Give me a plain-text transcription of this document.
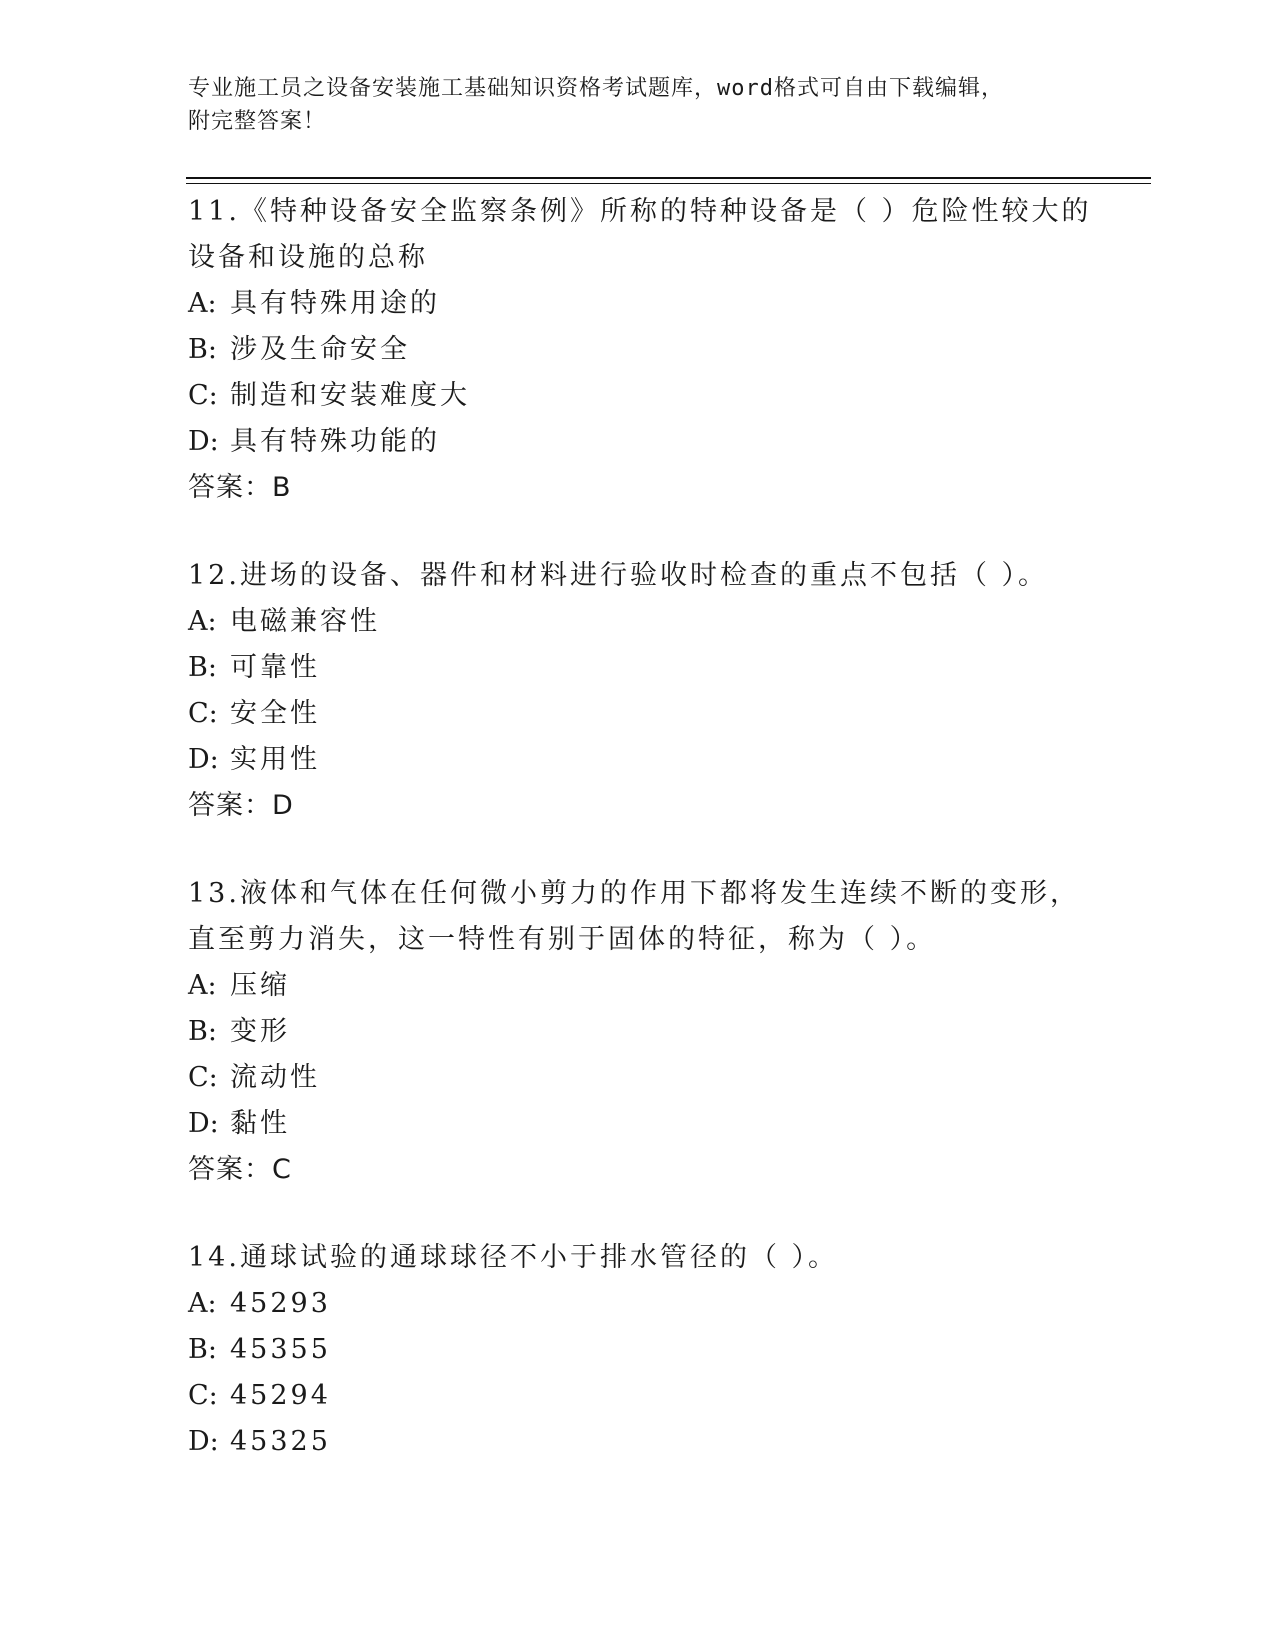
专业施工员之设备安装施工基础知识资格考试题库，word格式可自由下载编辑，
附完整答案！

11.《特种设备安全监察条例》所称的特种设备是（ ）危险性较大的设备和设施的总称

A: 具有特殊用途的

B: 涉及生命安全

C: 制造和安装难度大

D: 具有特殊功能的

答案：B

12.进场的设备、器件和材料进行验收时检查的重点不包括（ ）。

A: 电磁兼容性

B: 可靠性

C: 安全性

D: 实用性

答案：D

13.液体和气体在任何微小剪力的作用下都将发生连续不断的变形，直至剪力消失，这一特性有别于固体的特征，称为（ ）。

A: 压缩

B: 变形

C: 流动性

D: 黏性

答案：C

14.通球试验的通球球径不小于排水管径的（ ）。

A: 45293

B: 45355

C: 45294

D: 45325
